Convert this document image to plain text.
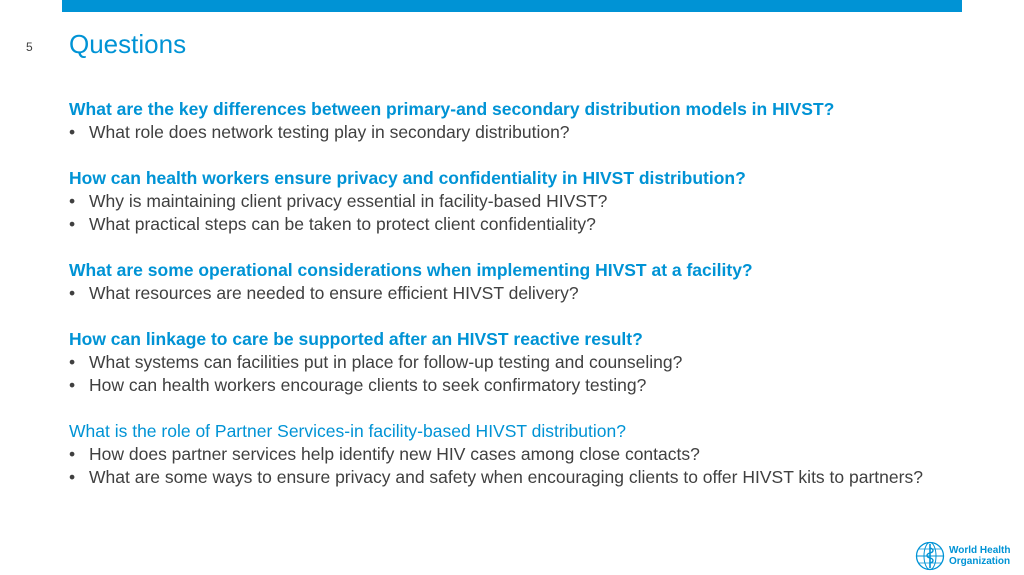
5 Questions
What are the key differences between primary-and secondary distribution models in HIVST?
• What role does network testing play in secondary distribution?
How can health workers ensure privacy and confidentiality in HIVST distribution?
• Why is maintaining client privacy essential in facility-based HIVST?
• What practical steps can be taken to protect client confidentiality?
What are some operational considerations when implementing HIVST at a facility?
• What resources are needed to ensure efficient HIVST delivery?
How can linkage to care be supported after an HIVST reactive result?
• What systems can facilities put in place for follow-up testing and counseling?
• How can health workers encourage clients to seek confirmatory testing?
What is the role of Partner Services-in facility-based HIVST distribution?
• How does partner services help identify new HIV cases among close contacts?
• What are some ways to ensure privacy and safety when encouraging clients to offer HIVST kits to partners?
World Health
Organization
